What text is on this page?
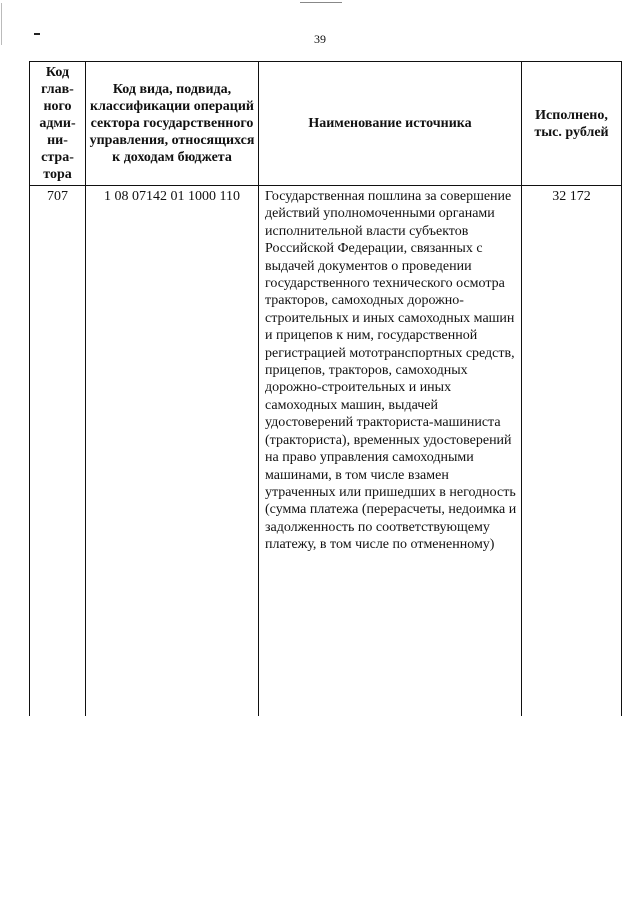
39
Код глав-ного адми-ни-стра-тора	Код вида, подвида, классификации операций сектора государственного управления, относящихся к доходам бюджета	Наименование источника	Исполнено, тыс. рублей
707	1 08 07142 01 1000 110	Государственная пошлина за совершение действий уполномоченными органами исполнительной власти субъектов Российской Федерации, связанных с выдачей документов о проведении государственного технического осмотра тракторов, самоходных дорожно-строительных и иных самоходных машин и прицепов к ним, государственной регистрацией мототранспортных средств, прицепов, тракторов, самоходных дорожно-строительных и иных самоходных машин, выдачей удостоверений тракториста-машиниста (тракториста), временных удостоверений на право управления самоходными машинами, в том числе взамен утраченных или пришедших в негодность (сумма платежа (перерасчеты, недоимка и задолженность по соответствующему платежу, в том числе по отмененному)	32 172
